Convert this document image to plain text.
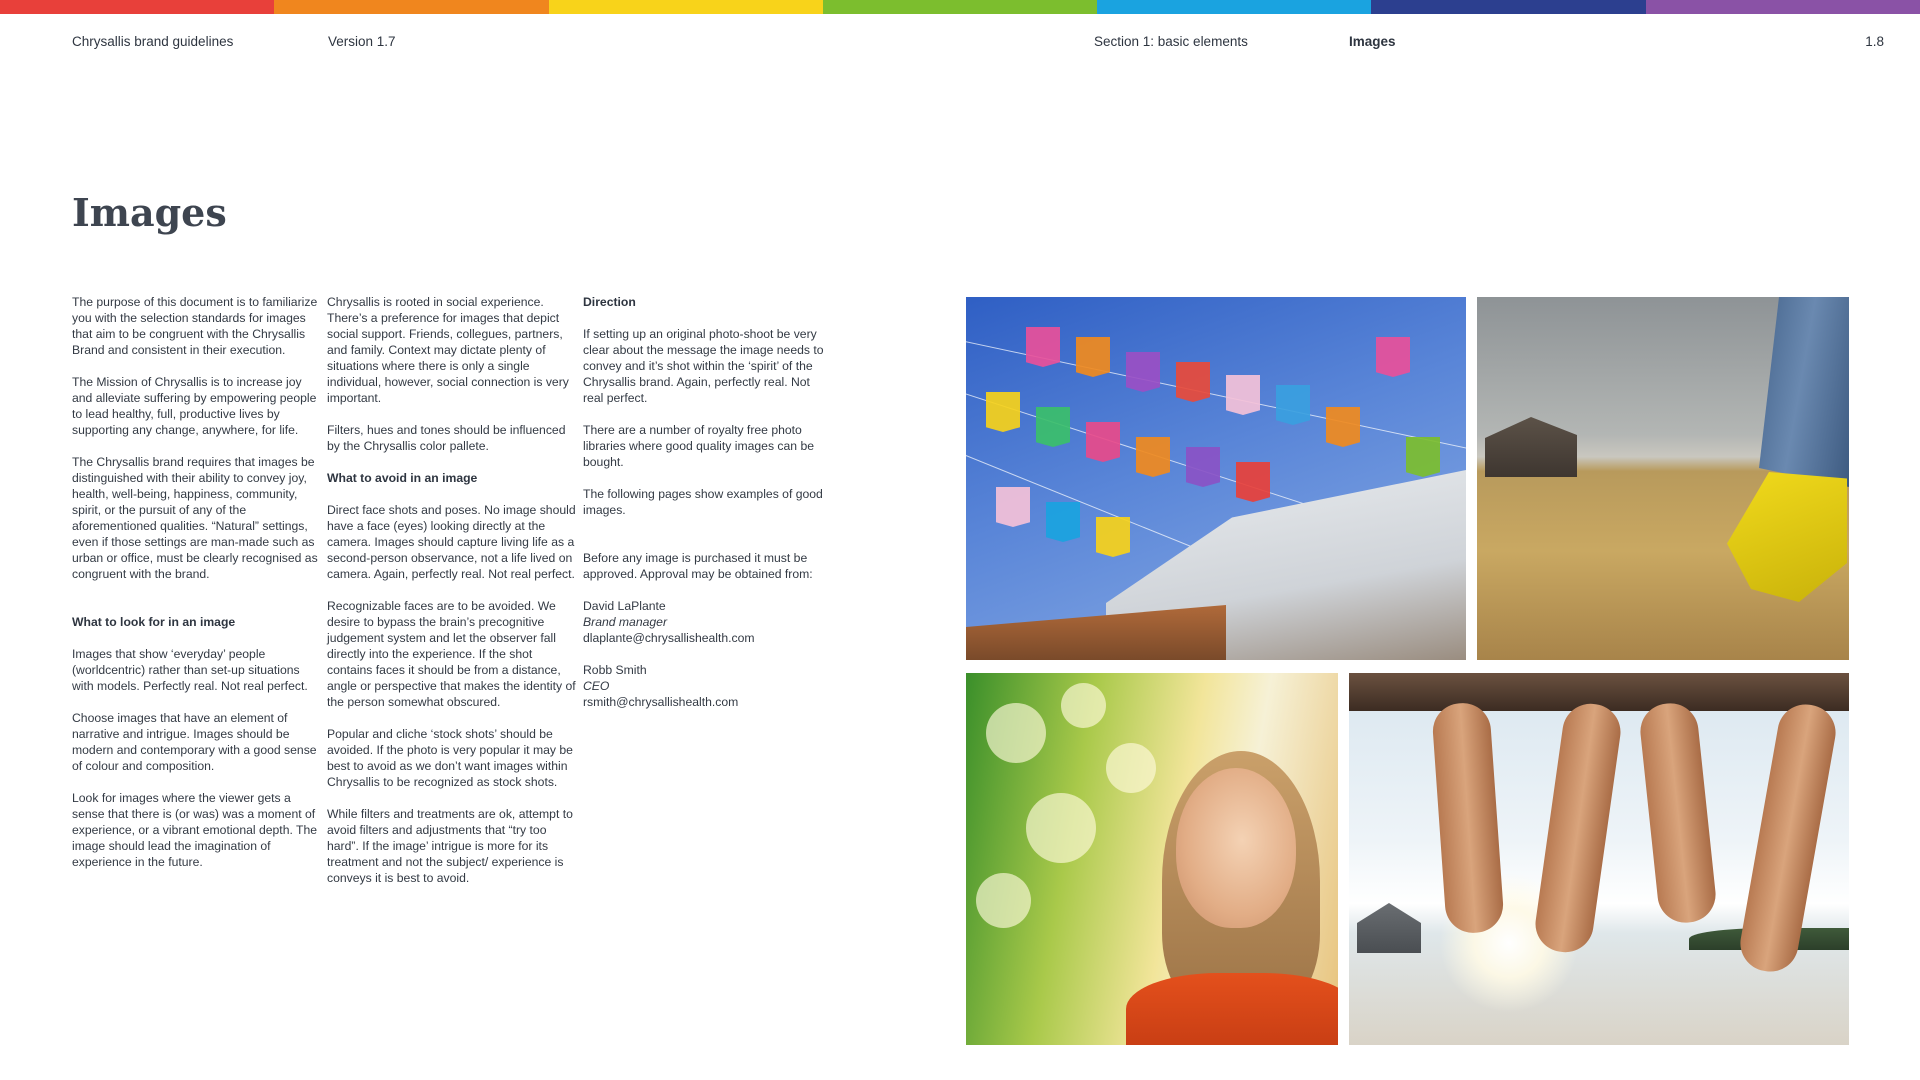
Chrysallis brand guidelines	Version 1.7	Section 1: basic elements	Images	1.8
Images

The purpose of this document is to familiarize you with the selection standards for images that aim to be congruent with the Chrysallis Brand and consistent in their execution.

The Mission of Chrysallis is to increase joy and alleviate suffering by empowering people to lead healthy, full, productive lives by supporting any change, anywhere, for life.

The Chrysallis brand requires that images be distinguished with their ability to convey joy, health, well-being, happiness, community, spirit, or the pursuit of any of the aforementioned qualities. “Natural” settings, even if those settings are man-made such as urban or office, must be clearly recognised as congruent with the brand.

What to look for in an image

Images that show ‘everyday’ people (worldcentric) rather than set-up situations with models. Perfectly real. Not real perfect.

Choose images that have an element of narrative and intrigue. Images should be modern and contemporary with a good sense of colour and composition.

Look for images where the viewer gets a sense that there is (or was) was a moment of experience, or a vibrant emotional depth. The image should lead the imagination of experience in the future.

Chrysallis is rooted in social experience. There’s a preference for images that depict social support. Friends, collegues, partners, and family. Context may dictate plenty of situations where there is only a single individual, however, social connection is very important.

Filters, hues and tones should be influenced by the Chrysallis color pallete.

What to avoid in an image

Direct face shots and poses. No image should have a face (eyes) looking directly at the camera. Images should capture living life as a second-person observance, not a life lived on camera. Again, perfectly real. Not real perfect.

Recognizable faces are to be avoided. We desire to bypass the brain’s precognitive judgement system and let the observer fall directly into the experience. If the shot contains faces it should be from a distance, angle or perspective that makes the identity of the person somewhat obscured.

Popular and cliche ‘stock shots’ should be avoided. If the photo is very popular it may be best to avoid as we don’t want images within Chrysallis to be recognized as stock shots.

While filters and treatments are ok, attempt to avoid filters and adjustments that “try too hard”. If the image’ intrigue is more for its treatment and not the subject/ experience is conveys it is best to avoid.

Direction

If setting up an original photo-shoot be very clear about the message the image needs to convey and it’s shot within the ‘spirit’ of the Chrysallis brand. Again, perfectly real. Not real perfect.

There are a number of royalty free photo libraries where good quality images can be bought.

The following pages show examples of good images.

Before any image is purchased it must be approved. Approval may be obtained from:

David LaPlante
Brand manager
dlaplante@chrysallishealth.com
Robb Smith
CEO
rsmith@chrysallishealth.com
